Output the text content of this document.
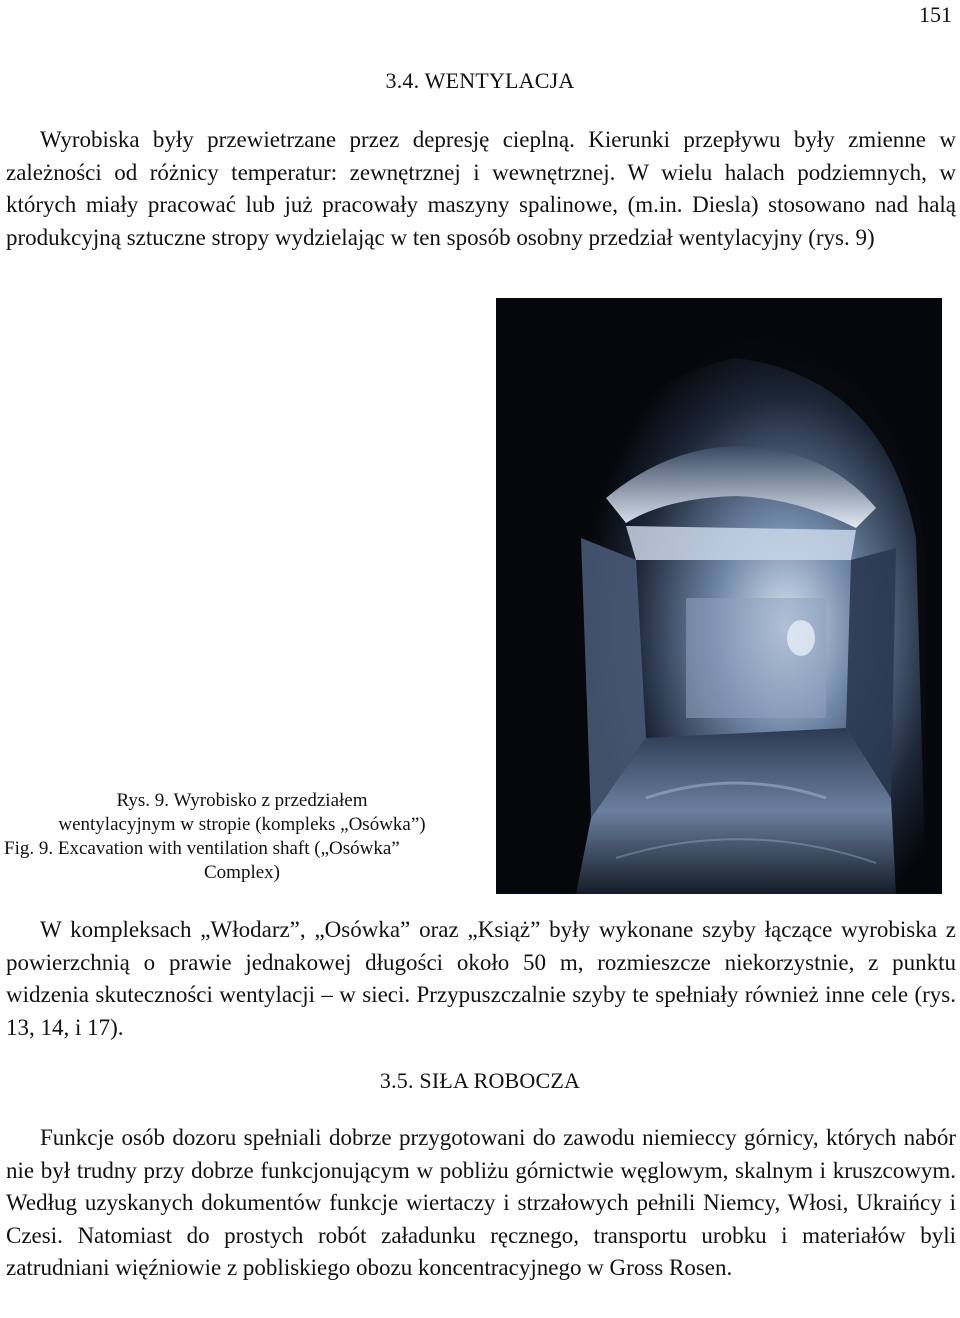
151
3.4. WENTYLACJA

Wyrobiska były przewietrzane przez depresję cieplną. Kierunki przepływu były zmienne w zależności od różnicy temperatur: zewnętrznej i wewnętrznej. W wielu halach podziemnych, w których miały pracować lub już pracowały maszyny spalinowe, (m.in. Diesla) stosowano nad halą produkcyjną sztuczne stropy wydzielając w ten sposób osobny przedział wentylacyjny (rys. 9)

Rys. 9. Wyrobisko z przedziałem
wentylacyjnym w stropie (kompleks „Osówka”)
Fig. 9. Excavation with ventilation shaft („Osówka”
Complex)

W kompleksach „Włodarz”, „Osówka” oraz „Książ” były wykonane szyby łączące wyrobiska z powierzchnią o prawie jednakowej długości około 50 m, rozmieszcze niekorzystnie, z punktu widzenia skuteczności wentylacji – w sieci. Przypuszczalnie szyby te spełniały również inne cele (rys. 13, 14, i 17).

3.5. SIŁA ROBOCZA

Funkcje osób dozoru spełniali dobrze przygotowani do zawodu niemieccy górnicy, których nabór nie był trudny przy dobrze funkcjonującym w pobliżu górnictwie węglowym, skalnym i kruszcowym. Według uzyskanych dokumentów funkcje wiertaczy i strzałowych pełnili Niemcy, Włosi, Ukraińcy i Czesi. Natomiast do prostych robót załadunku ręcznego, transportu urobku i materiałów byli zatrudniani więźniowie z pobliskiego obozu koncentracyjnego w Gross Rosen.
